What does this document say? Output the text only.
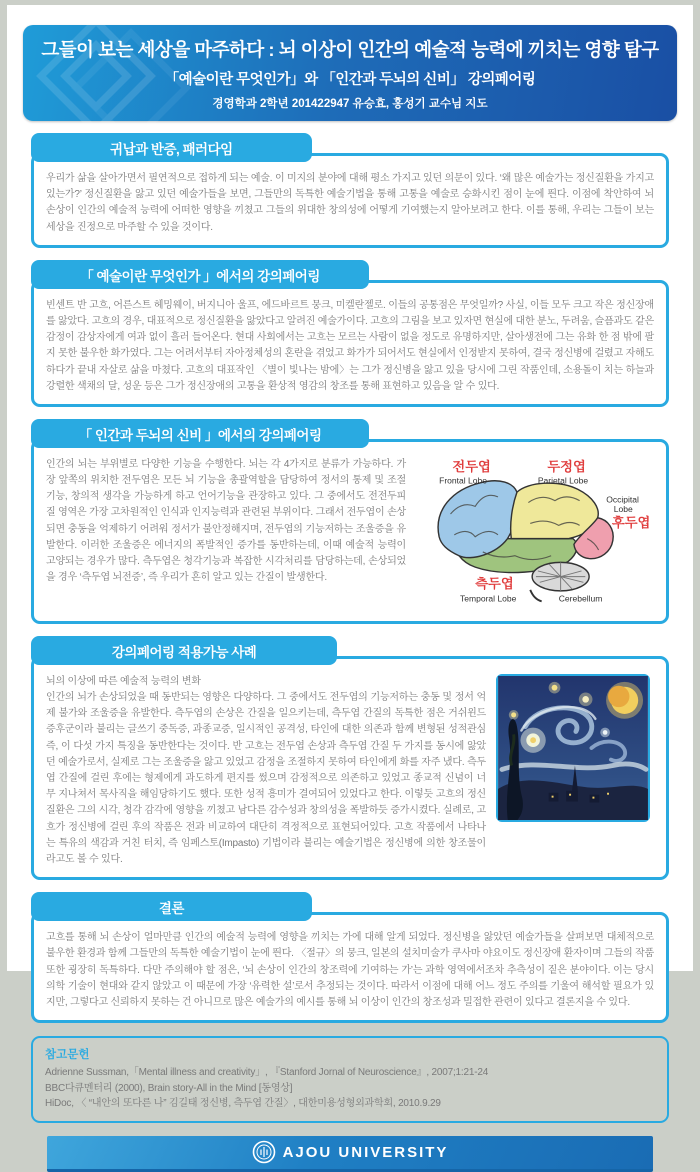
그들이 보는 세상을 마주하다 : 뇌 이상이 인간의 예술적 능력에 끼치는 영향 탐구
「예술이란 무엇인가」와 「인간과 두뇌의 신비」 강의페어링
경영학과 2학년 201422947 유승효, 홍성기 교수님 지도
귀납과 반증, 패러다임

우리가 삶을 살아가면서 필연적으로 접하게 되는 예술. 이 미지의 분야에 대해 평소 가지고 있던 의문이 있다. ‘왜 많은 예술가는 정신질환을 가지고 있는가?’ 정신질환을 앓고 있던 예술가들을 보면, 그들만의 독특한 예술기법을 통해 고통을 예술로 승화시킨 점이 눈에 띈다. 이점에 착안하여 뇌 손상이 인간의 예술적 능력에 어떠한 영향을 끼쳤고 그들의 위대한 창의성에 어떻게 기여했는지 알아보려고 한다. 이를 통해, 우리는 그들이 보는 세상을 진정으로 마주할 수 있을 것이다.

「 예술이란 무엇인가 」에서의 강의페어링

빈센트 반 고흐, 어른스트 헤밍웨이, 버지니아 울프, 에드바르트 뭉크, 미켈란젤로. 이들의 공통점은 무엇일까? 사실, 이들 모두 크고 작은 정신장애를 앓았다. 고흐의 경우, 대표적으로 정신질환을 앓았다고 알려진 예술가이다. 고흐의 그림을 보고 있자면 현실에 대한 분노, 두려움, 슬픔과도 같은 감정이 감상자에게 여과 없이 흘러 들어온다. 현대 사회에서는 고흐는 모르는 사람이 없을 정도로 유명하지만, 살아생전에 그는 유화 한 점 밖에 팔지 못한 불우한 화가였다. 그는 어려서부터 자아정체성의 혼란을 겪었고 화가가 되어서도 현실에서 인정받지 못하여, 결국 정신병에 걸렸고 자해도 하다가 끝내 자살로 삶을 마쳤다. 고흐의 대표작인 〈별이 빛나는 밤에〉는 그가 정신병을 앓고 있을 당시에 그린 작품인데, 소용돌이 치는 하늘과 강렬한 색채의 달, 성운 등은 그가 정신장애의 고통을 환상적 영감의 창조를 통해 표현하고 있음을 알 수 있다.

「 인간과 두뇌의 신비 」에서의 강의페어링

인간의 뇌는 부위별로 다양한 기능을 수행한다. 뇌는 각 4가지로 분류가 가능하다. 가장 앞쪽의 위치한 전두엽은 모든 뇌 기능을 총괄역할을 담당하여 정서의 통제 및 조절 기능, 창의적 생각을 가능하게 하고 언어기능을 관장하고 있다. 그 중에서도 전전두피질 영역은 가장 고차원적인 인식과 인지능력과 관련된 부위이다. 그래서 전두엽이 손상되면 충동을 억제하기 어려워 정서가 불안정해지며, 전두엽의 기능저하는 조울증을 유발한다. 이러한 조울증은 에너지의 폭발적인 증가를 동반하는데, 이때 예술적 능력이 고양되는 경우가 많다. 측두엽은 청각기능과 복잡한 시각처리를 담당하는데, 손상되었을 경우 ‘측두엽 뇌전증’, 즉 우리가 흔히 알고 있는 간질이 발생한다.

전두엽
Frontal Lobe
두정엽
Parietal Lobe
Occipital
Lobe
후두엽
측두엽
Temporal Lobe	Cerebellum
강의페어링 적용가능 사례

뇌의 이상에 따른 예술적 능력의 변화

인간의 뇌가 손상되었을 때 동반되는 영향은 다양하다. 그 중에서도 전두엽의 기능저하는 충동 및 정서 억제 불가와 조울증을 유발한다. 측두엽의 손상은 간질을 일으키는데, 측두엽 간질의 독특한 점은 거쉬윈드 증후군이라 불리는 글쓰기 중독증, 과종교증, 일시적인 공격성, 타인에 대한 의존과 함께 변형된 성적관심 즉, 이 다섯 가지 특징을 동반한다는 것이다. 반 고흐는 전두엽 손상과 측두엽 간질 두 가지를 동시에 앓았던 예술가로서, 실제로 그는 조울증을 앓고 있었고 감정을 조절하지 못하여 타인에게 화를 자주 냈다. 측두엽 간질에 걸린 후에는 형제에게 과도하게 편지를 썼으며 감정적으로 의존하고 있었고 종교적 신념이 너무 지나쳐서 목사직을 해임당하기도 했다. 또한 성적 흥미가 결여되어 있었다고 한다. 이렇듯 고흐의 정신질환은 그의 시각, 청각 감각에 영향을 끼쳤고 남다른 감수성과 창의성을 폭발하듯 증가시켰다. 실례로, 고흐가 정신병에 걸린 후의 작품은 전과 비교하여 대단히 격정적으로 표현되어있다. 고흐 작품에서 나타나는 특유의 색감과 거친 터치, 즉 임페스토(Impasto) 기법이라 불리는 예술기법은 정신병에 의한 창조물이라고도 볼 수 있다.

결론

고흐를 통해 뇌 손상이 얼마만큼 인간의 예술적 능력에 영향을 끼치는 가에 대해 알게 되었다. 정신병을 앓았던 예술가들을 살펴보면 대체적으로 불우한 환경과 함께 그들만의 독특한 예술기법이 눈에 띈다. 〈절규〉의 뭉크, 일본의 설치미술가 쿠사마 야요이도 정신장애 환자이며 그들의 작품 또한 굉장히 독특하다. 다만 주의해야 할 점은, ‘뇌 손상이 인간의 창조력에 기여하는 가’는 과학 영역에서조차 추측성이 짙은 분야이다. 이는 당시 의학 기술이 현대와 같지 않았고 이 때문에 가장 ‘유력한 설’로서 추정되는 것이다. 따라서 이점에 대해 어느 정도 주의를 기울여 해석할 필요가 있지만, 그렇다고 신뢰하지 못하는 건 아니므로 많은 예술가의 예시를 통해 뇌 이상이 인간의 창조성과 밀접한 관련이 있다고 결론지을 수 있다.

참고문헌
Adrienne Sussman,「Mental illness and creativity」, 『Stanford Jornal of Neuroscience』, 2007;1:21-24
BBC다큐멘터리 (2000), Brain story-All in the Mind [동영상]
HiDoc, 〈 “내안의 또다른 나” 김길태 정신병, 측두엽 간질〉, 대한미용성형외과학회, 2010.9.29
AJOU UNIVERSITY
